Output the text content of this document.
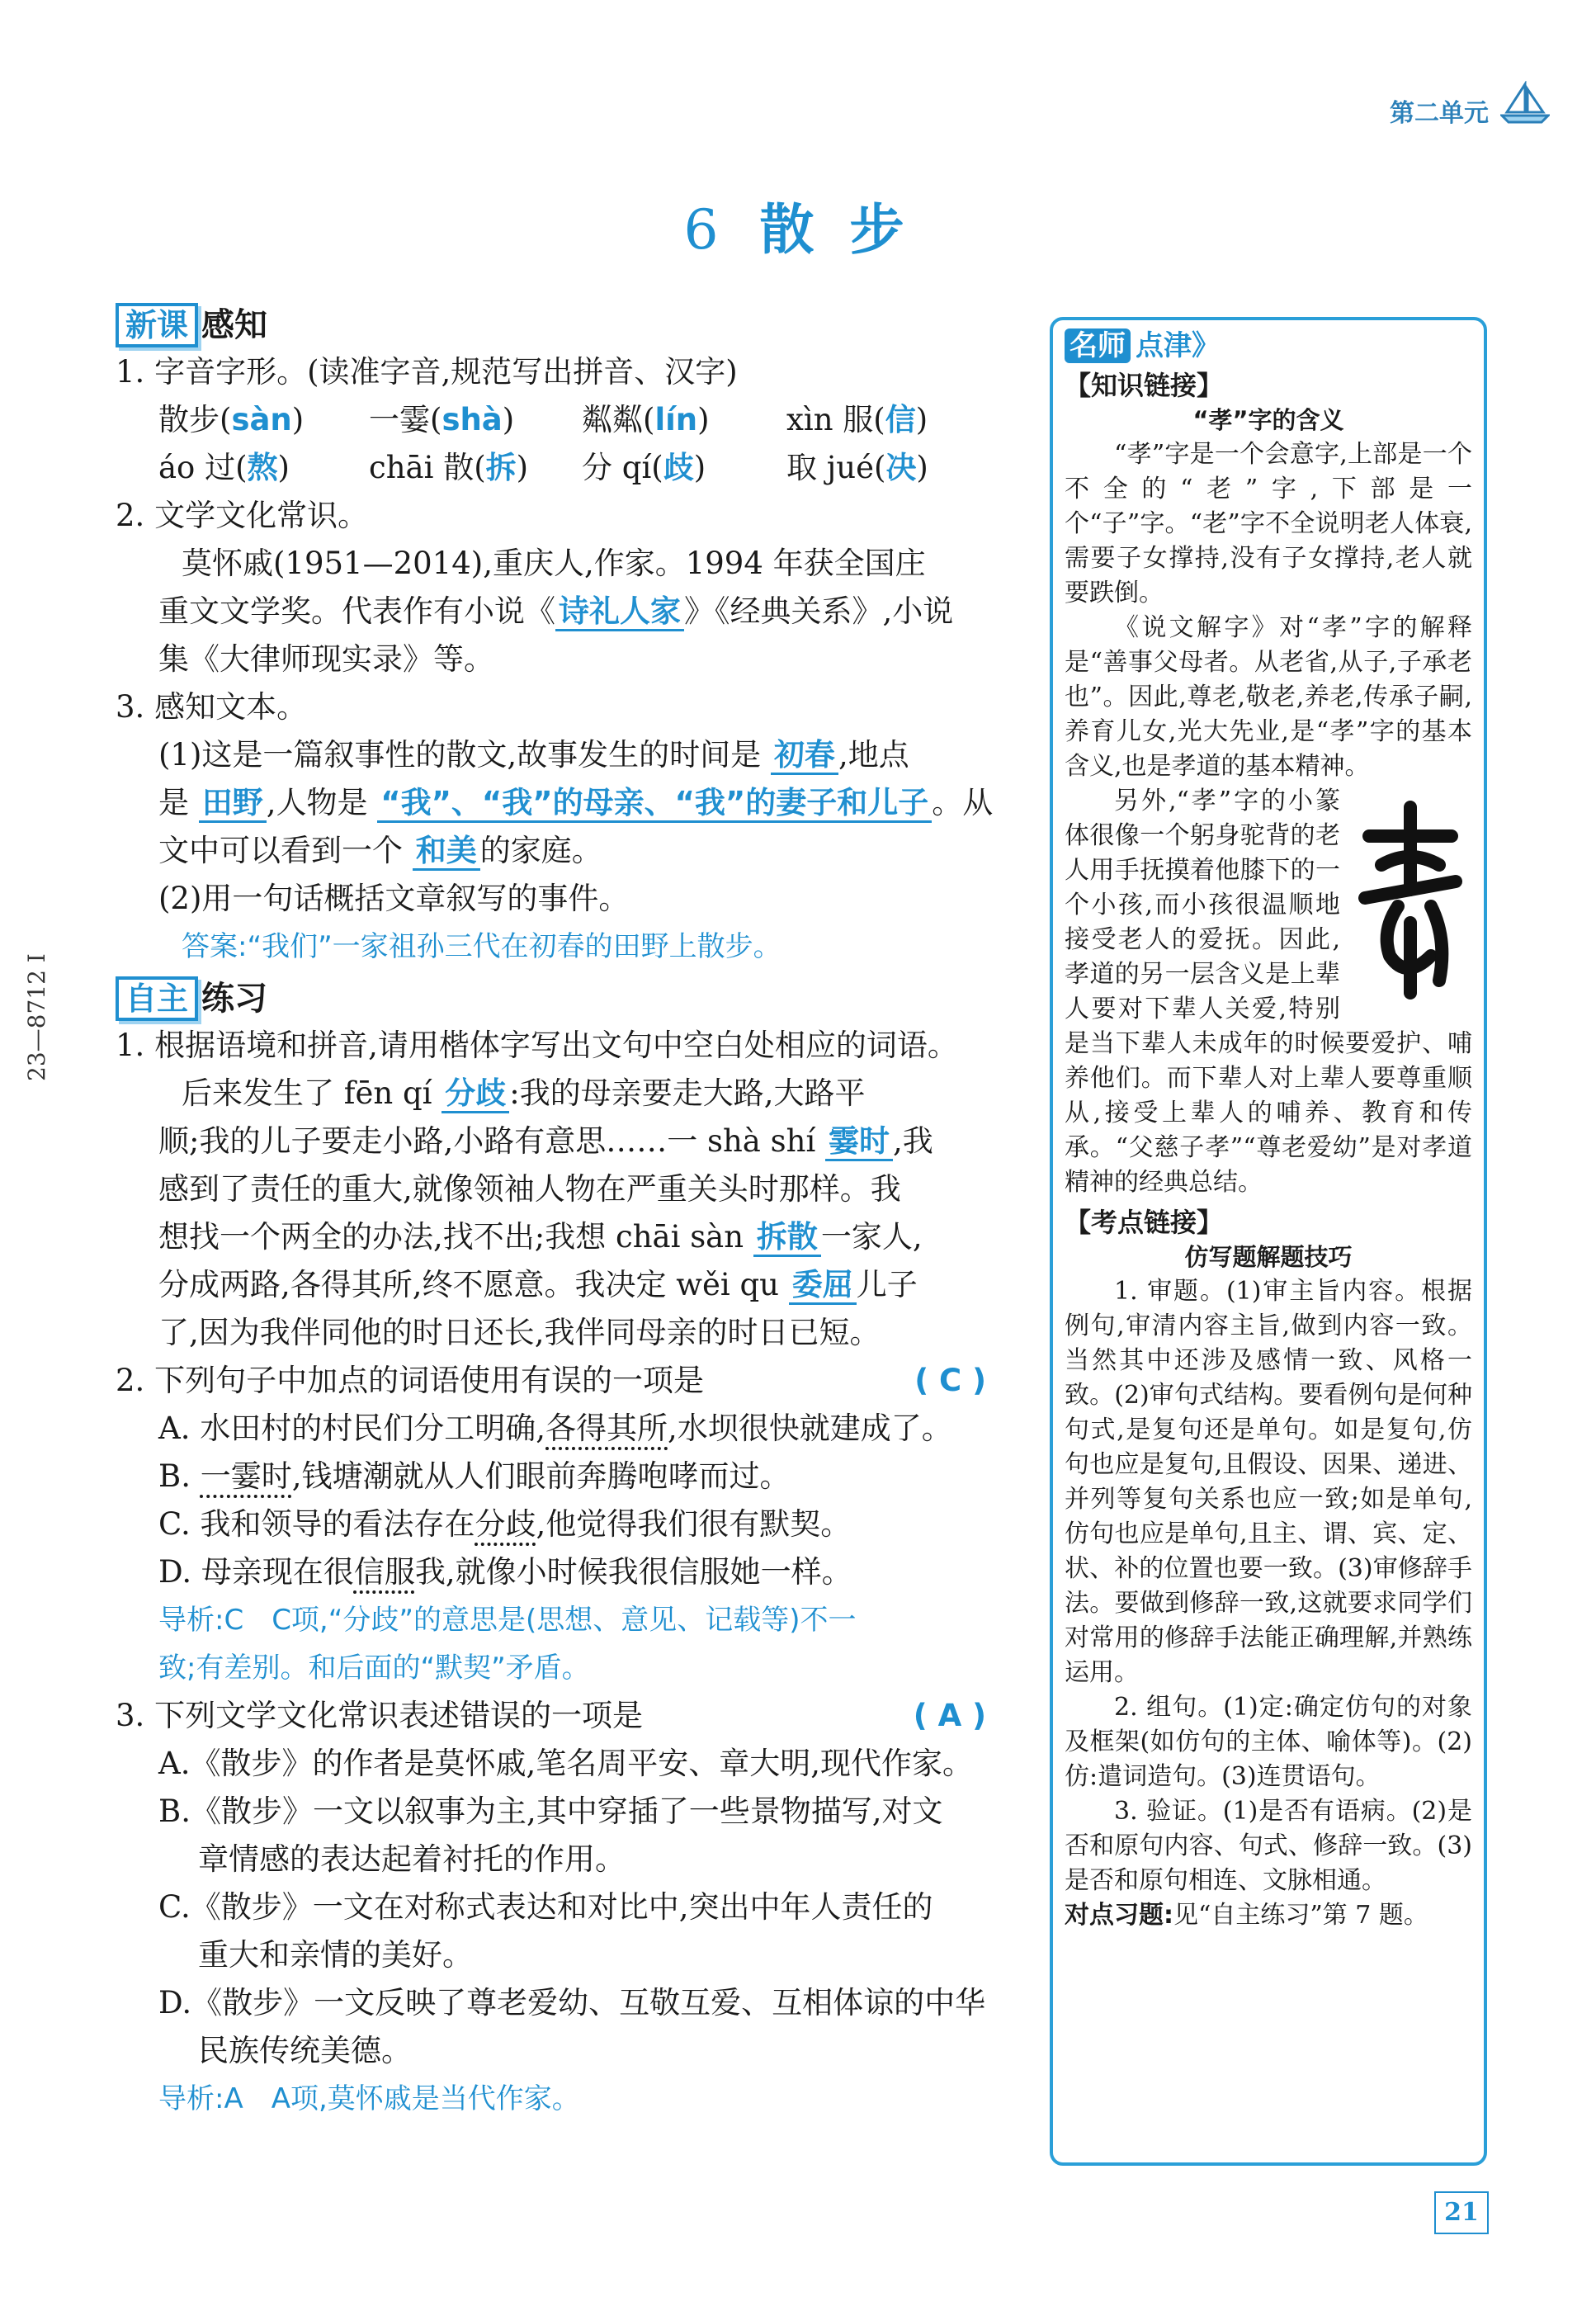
第二单元
6 散 步
23—8712 I
新课 感知
1. 字音字形。(读准字音,规范写出拼音、汉字)
散步(sàn)	一霎(shà)	粼粼(lín)	xìn 服(信)
áo 过(熬)	chāi 散(拆)	分 qí(歧)	取 jué(决)
2. 文学文化常识。
莫怀戚(1951—2014),重庆人,作家。1994 年获全国庄
重文文学奖。代表作有小说《 诗礼人家 》《经典关系》,小说
集《大律师现实录》等。
3. 感知文本。
(1)这是一篇叙事性的散文,故事发生的时间是 初春 ,地点
是 田野 ,人物是 “我”、“我”的母亲、“我”的妻子和儿子 。从
文中可以看到一个 和美 的家庭。
(2)用一句话概括文章叙写的事件。
答案:“我们”一家祖孙三代在初春的田野上散步。
自主 练习
1. 根据语境和拼音,请用楷体字写出文句中空白处相应的词语。
后来发生了 fēn qí 分歧 :我的母亲要走大路,大路平
顺;我的儿子要走小路,小路有意思……一 shà shí 霎时 ,我
感到了责任的重大,就像领袖人物在严重关头时那样。我
想找一个两全的办法,找不出;我想 chāi sàn 拆散 一家人,
分成两路,各得其所,终不愿意。我决定 wěi qu 委屈 儿子
了,因为我伴同他的时日还长,我伴同母亲的时日已短。
2. 下列句子中加点的词语使用有误的一项是	( C )
A. 水田村的村民们分工明确,各得其所,水坝很快就建成了。
B. 一霎时,钱塘潮就从人们眼前奔腾咆哮而过。
C. 我和领导的看法存在分歧,他觉得我们很有默契。
D. 母亲现在很信服我,就像小时候我很信服她一样。
导析:C　C项,“分歧”的意思是(思想、意见、记载等)不一
致;有差别。和后面的“默契”矛盾。
3. 下列文学文化常识表述错误的一项是	( A )
A.《散步》的作者是莫怀戚,笔名周平安、章大明,现代作家。
B.《散步》一文以叙事为主,其中穿插了一些景物描写,对文
章情感的表达起着衬托的作用。
C.《散步》一文在对称式表达和对比中,突出中年人责任的
重大和亲情的美好。
D.《散步》一文反映了尊老爱幼、互敬互爱、互相体谅的中华
民族传统美德。
导析:A　A项,莫怀戚是当代作家。
名师 点津》
【知识链接】
“孝”字的含义
“孝”字是一个会意字,上部是一个不全的“老”字,下部是一个“子”字。“老”字不全说明老人体衰,需要子女撑持,没有子女撑持,老人就要跌倒。
《说文解字》对“孝”字的解释是“善事父母者。从老省,从子,子承老也”。因此,尊老,敬老,养老,传承子嗣,养育儿女,光大先业,是“孝”字的基本含义,也是孝道的基本精神。
另外,“孝”字的小篆体很像一个躬身驼背的老人用手抚摸着他膝下的一个小孩,而小孩很温顺地接受老人的爱抚。因此,孝道的另一层含义是上辈人要对下辈人关爱,特别是当下辈人未成年的时候要爱护、哺养他们。而下辈人对上辈人要尊重顺从,接受上辈人的哺养、教育和传承。“父慈子孝”“尊老爱幼”是对孝道精神的经典总结。
【考点链接】
仿写题解题技巧
1. 审题。(1)审主旨内容。根据例句,审清内容主旨,做到内容一致。当然其中还涉及感情一致、风格一致。(2)审句式结构。要看例句是何种句式,是复句还是单句。如是复句,仿句也应是复句,且假设、因果、递进、并列等复句关系也应一致;如是单句,仿句也应是单句,且主、谓、宾、定、状、补的位置也要一致。(3)审修辞手法。要做到修辞一致,这就要求同学们对常用的修辞手法能正确理解,并熟练运用。
2. 组句。(1)定:确定仿句的对象及框架(如仿句的主体、喻体等)。(2)仿:遣词造句。(3)连贯语句。
3. 验证。(1)是否有语病。(2)是否和原句内容、句式、修辞一致。(3)是否和原句相连、文脉相通。
对点习题:见“自主练习”第 7 题。
21
